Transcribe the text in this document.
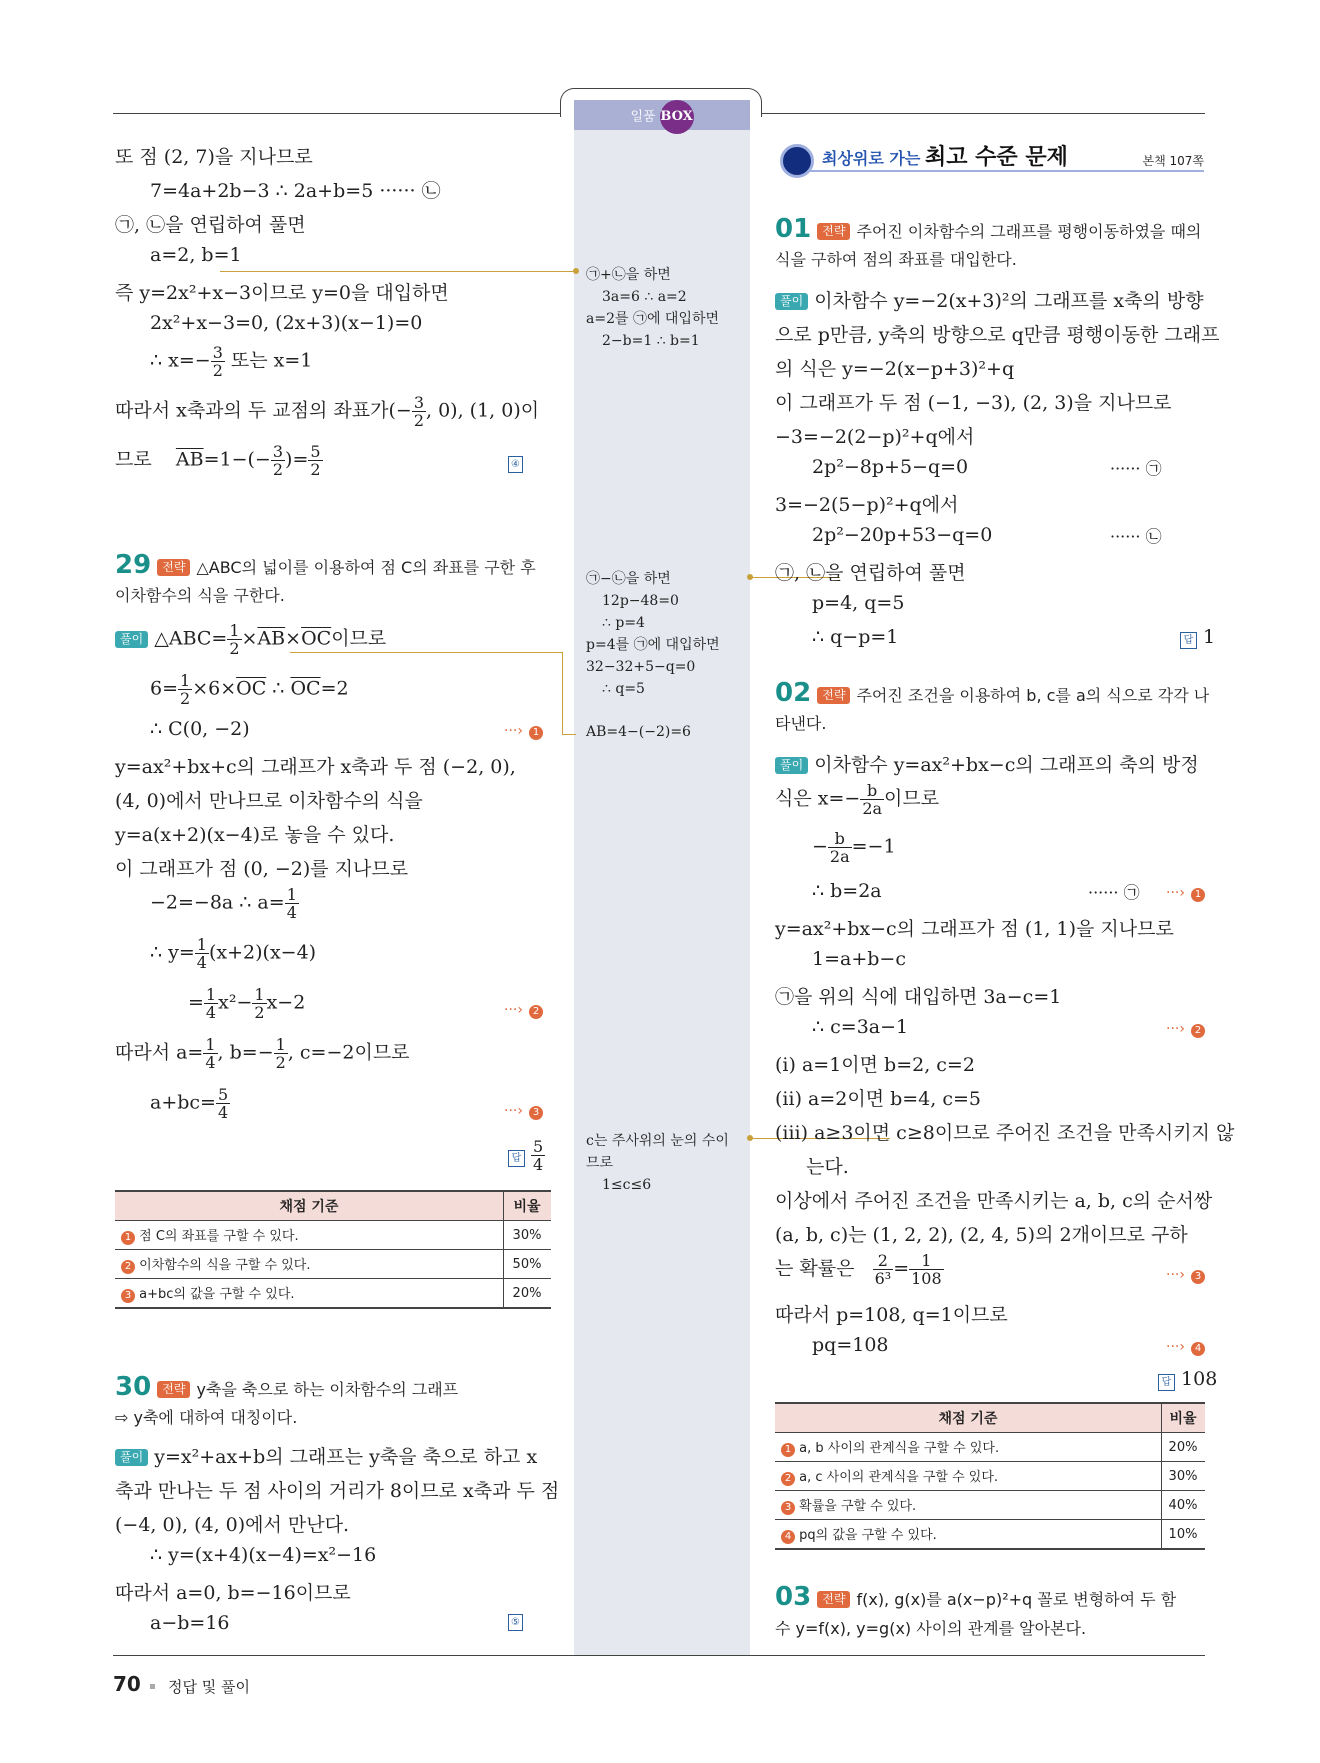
일품 BOX
또 점 (2, 7)을 지나므로
7=4a+2b−3 ∴ 2a+b=5 ······ ㉡
㉠, ㉡을 연립하여 풀면
a=2, b=1
즉 y=2x²+x−3이므로 y=0을 대입하면
2x²+x−3=0, (2x+3)(x−1)=0
∴ $x=- \frac{3}{2}$ 또는 x=1
따라서 x축과의 두 교점의 좌표가(− $\frac{3}{2}$ , 0), (1, 0)이
므로 $\overline{AB}=1-(- \frac{3}{2}$ )= $\frac{5}{2}$	④
29 전략 △ABC의 넓이를 이용하여 점 C의 좌표를 구한 후
이차함수의 식을 구한다.
풀이 △ABC= $\frac{1}{2} \times\overline{AB}\times\overline{OC}$이므로
$6= \frac{1}{2} \times 6\times\overline{OC}$ ∴ $\overline{OC}=2$
∴ C(0, −2)	···› 1
y=ax²+bx+c의 그래프가 x축과 두 점 (−2, 0),
(4, 0)에서 만나므로 이차함수의 식을
y=a(x+2)(x−4)로 놓을 수 있다.
이 그래프가 점 (0, −2)를 지나므로
−2=−8a ∴ $a= \frac{1}{4}$
∴ $y= \frac{1}{4} (x+2)(x-4)$
= $\frac{1}{4} x^2- \frac{1}{2} x-2$	···› 2
따라서 $a= \frac{1}{4}$ , $b=- \frac{1}{2}$ , c=−2이므로
$a+bc= \frac{5}{4}$	···› 3
답 $\frac{5}{4}$
채점 기준	비율
1 점 C의 좌표를 구할 수 있다.	30%
2 이차함수의 식을 구할 수 있다.	50%
3 a+bc의 값을 구할 수 있다.	20%
30 전략 y축을 축으로 하는 이차함수의 그래프
⇨ y축에 대하여 대칭이다.
풀이 y=x²+ax+b의 그래프는 y축을 축으로 하고 x
축과 만나는 두 점 사이의 거리가 8이므로 x축과 두 점
(−4, 0), (4, 0)에서 만난다.
∴ y=(x+4)(x−4)=x²−16
따라서 a=0, b=−16이므로
a−b=16	⑤
㉠+㉡을 하면
3a=6 ∴ a=2
a=2를 ㉠에 대입하면
2−b=1 ∴ b=1
㉠−㉡을 하면
12p−48=0
∴ p=4
p=4를 ㉠에 대입하면
32−32+5−q=0
∴ q=5
AB=4−(−2)=6
c는 주사위의 눈의 수이
므로
1≤c≤6
최상위로 가는 최고 수준 문제	본책 107쪽
01 전략 주어진 이차함수의 그래프를 평행이동하였을 때의
식을 구하여 점의 좌표를 대입한다.
풀이 이차함수 y=−2(x+3)²의 그래프를 x축의 방향
으로 p만큼, y축의 방향으로 q만큼 평행이동한 그래프
의 식은 y=−2(x−p+3)²+q
이 그래프가 두 점 (−1, −3), (2, 3)을 지나므로
−3=−2(2−p)²+q에서
2p²−8p+5−q=0	······ ㉠
3=−2(5−p)²+q에서
2p²−20p+53−q=0	······ ㉡
㉠, ㉡을 연립하여 풀면
p=4, q=5
∴ q−p=1	답 1
02 전략 주어진 조건을 이용하여 b, c를 a의 식으로 각각 나
타낸다.
풀이 이차함수 y=ax²+bx−c의 그래프의 축의 방정
식은 $x=- \frac{b}{2a}$ 이므로
− $\frac{b}{2a} =-1$
∴ b=2a	······ ㉠ ···› 1
y=ax²+bx−c의 그래프가 점 (1, 1)을 지나므로
1=a+b−c
㉠을 위의 식에 대입하면 3a−c=1
∴ c=3a−1	···› 2
(ⅰ) a=1이면 b=2, c=2
(ⅱ) a=2이면 b=4, c=5
(ⅲ) a≥3이면 c≥8이므로 주어진 조건을 만족시키지 않
는다.
이상에서 주어진 조건을 만족시키는 a, b, c의 순서쌍
(a, b, c)는 (1, 2, 2), (2, 4, 5)의 2개이므로 구하
는 확률은 $\frac{2}{\text{6³}} = \frac{1}{108}$	···› 3
따라서 p=108, q=1이므로
pq=108	···› 4
답 108
채점 기준	비율
1 a, b 사이의 관계식을 구할 수 있다.	20%
2 a, c 사이의 관계식을 구할 수 있다.	30%
3 확률을 구할 수 있다.	40%
4 pq의 값을 구할 수 있다.	10%
03 전략 f(x), g(x)를 a(x−p)²+q 꼴로 변형하여 두 함
수 y=f(x), y=g(x) 사이의 관계를 알아본다.
70 정답 및 풀이
